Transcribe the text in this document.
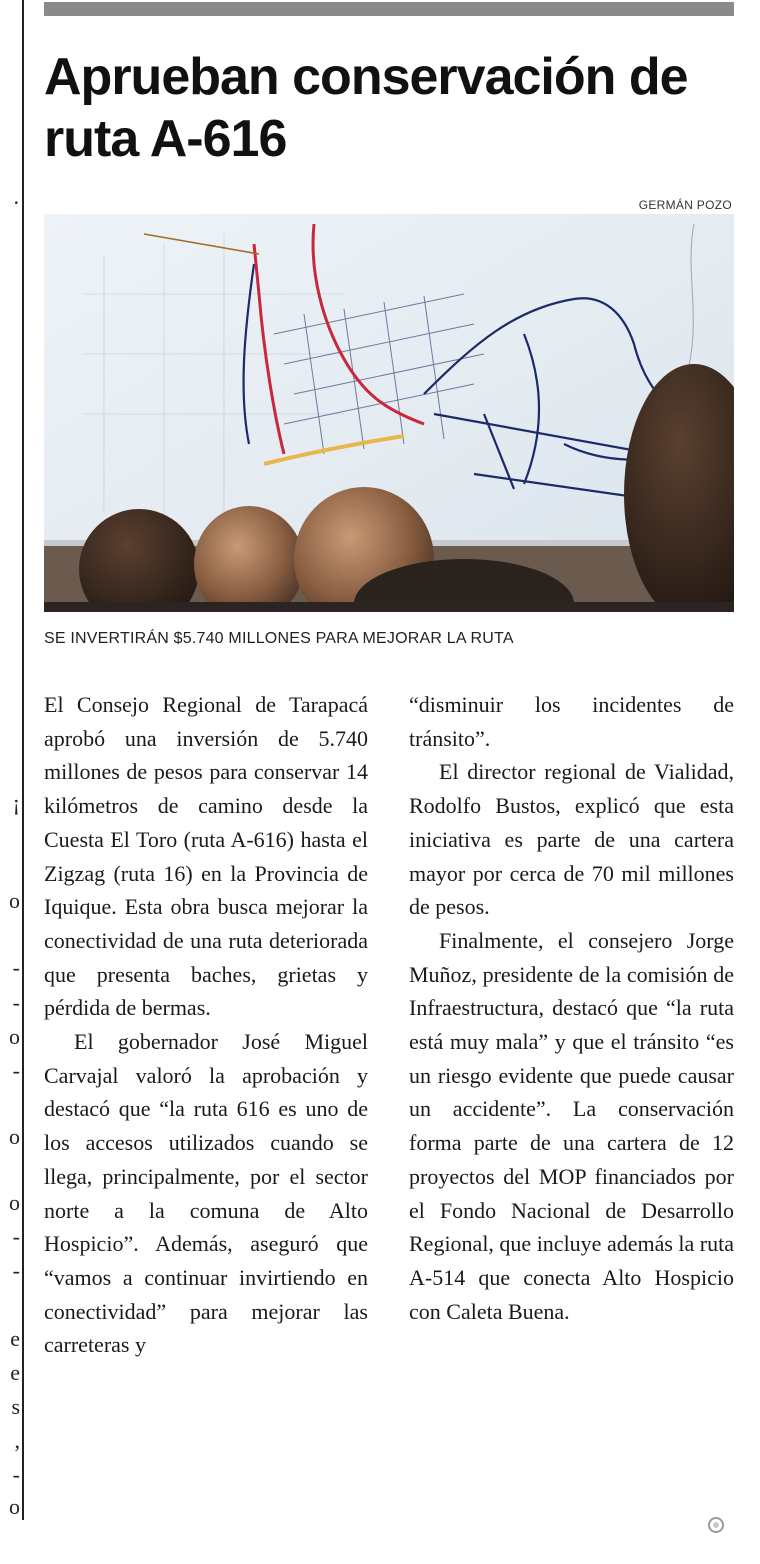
·
¡
o
-
-
o
-
o
o
-
-
e
e
s
,
-
o
Aprueban conservación de ruta A-616
GERMÁN POZO
SE INVERTIRÁN $5.740 MILLONES PARA MEJORAR LA RUTA

El Consejo Regional de Tarapacá aprobó una inversión de 5.740 millones de pesos para conservar 14 kilómetros de camino desde la Cuesta El Toro (ruta A-616) hasta el Zigzag (ruta 16) en la Provincia de Iquique. Esta obra busca mejorar la conectividad de una ruta deteriorada que presenta baches, grietas y pérdida de bermas.

El gobernador José Miguel Carvajal valoró la aprobación y destacó que “la ruta 616 es uno de los accesos utilizados cuando se llega, principalmente, por el sector norte a la comuna de Alto Hospicio”. Además, aseguró que “vamos a continuar invirtiendo en conectividad” para mejorar las carreteras y

“disminuir los incidentes de tránsito”.

El director regional de Vialidad, Rodolfo Bustos, explicó que esta iniciativa es parte de una cartera mayor por cerca de 70 mil millones de pesos.

Finalmente, el consejero Jorge Muñoz, presidente de la comisión de Infraestructura, destacó que “la ruta está muy mala” y que el tránsito “es un riesgo evidente que puede causar un accidente”. La conservación forma parte de una cartera de 12 proyectos del MOP financiados por el Fondo Nacional de Desarrollo Regional, que incluye además la ruta A-514 que conecta Alto Hospicio con Caleta Buena.
